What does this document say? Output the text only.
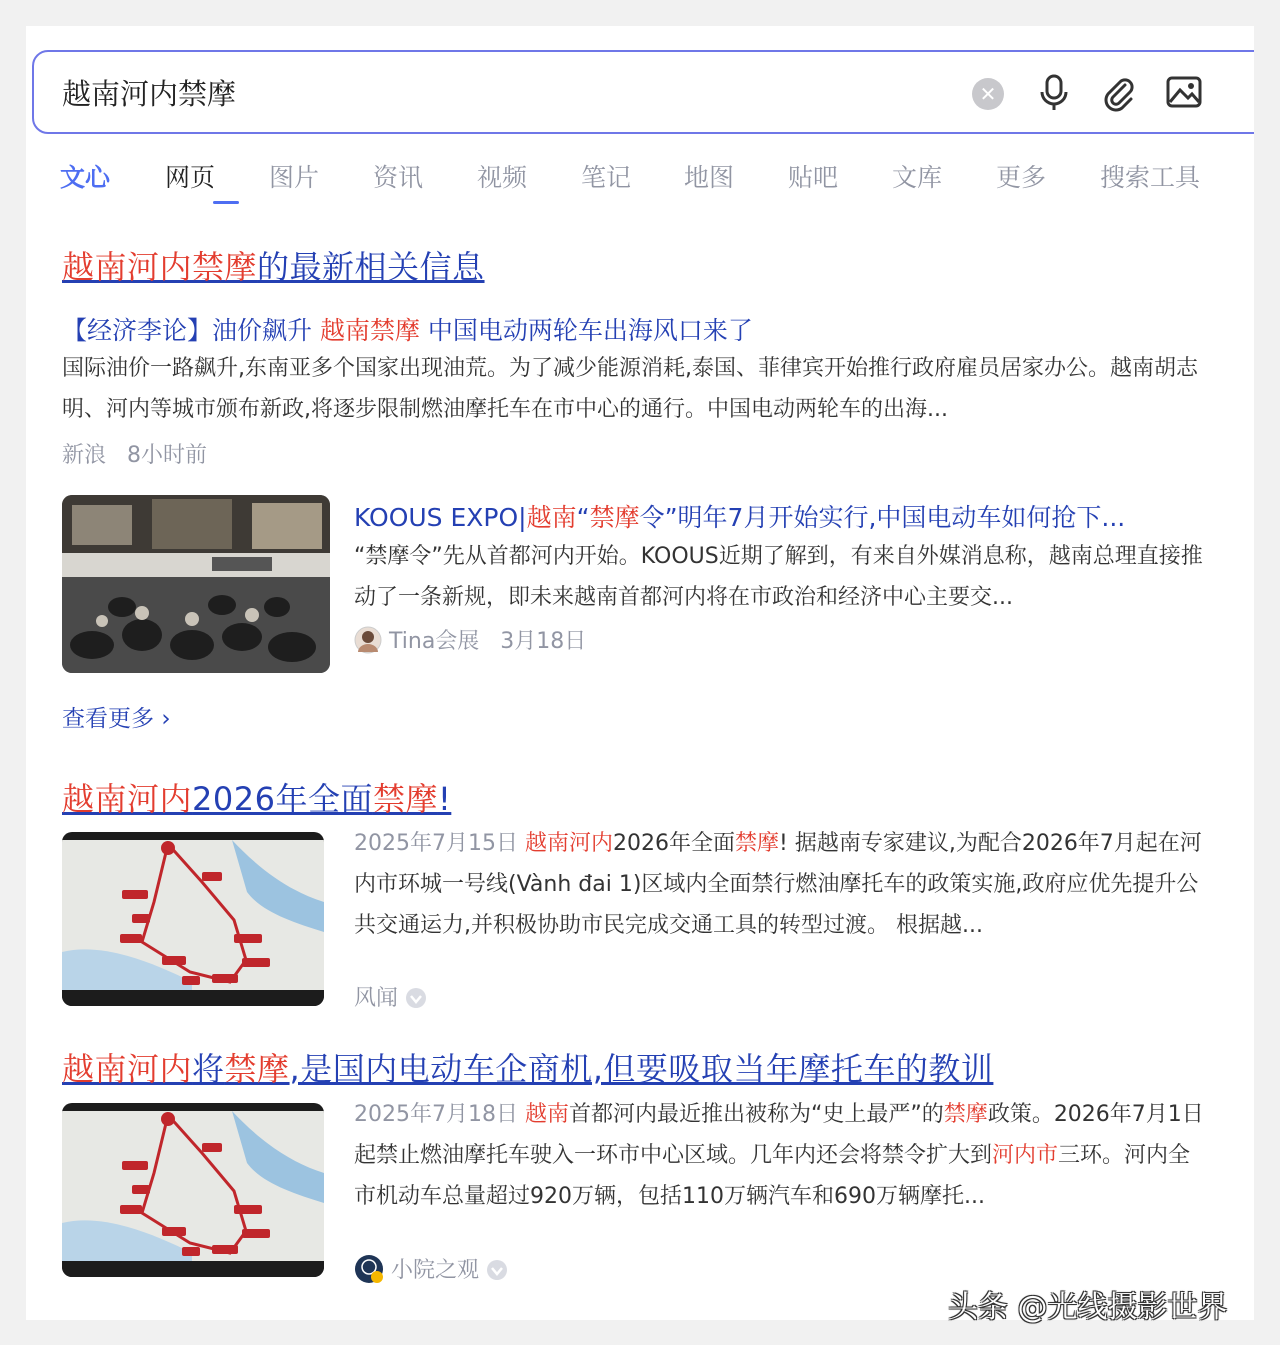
越南河内禁摩
✕
文心 网页 图片 资讯 视频 笔记 地图 贴吧 文库 更多 搜索工具
越南河内禁摩的最新相关信息
【经济李论】油价飙升 越南禁摩 中国电动两轮车出海风口来了
国际油价一路飙升,东南亚多个国家出现油荒。为了减少能源消耗,泰国、菲律宾开始推行政府雇员居家办公。越南胡志明、河内等城市颁布新政,将逐步限制燃油摩托车在市中心的通行。中国电动两轮车的出海...
新浪 8小时前
KOOUS EXPO|越南“禁摩令”明年7月开始实行,中国电动车如何抢下...
“禁摩令”先从首都河内开始。KOOUS近期了解到，有来自外媒消息称，越南总理直接推动了一条新规，即未来越南首都河内将在市政治和经济中心主要交...
Tina会展 3月18日
查看更多 ›
越南河内2026年全面禁摩!
2025年7月15日 越南河内2026年全面禁摩! 据越南专家建议,为配合2026年7月起在河内市环城一号线(Vành đai 1)区域内全面禁行燃油摩托车的政策实施,政府应优先提升公共交通运力,并积极协助市民完成交通工具的转型过渡。 根据越...
风闻
越南河内将禁摩,是国内电动车企商机,但要吸取当年摩托车的教训
2025年7月18日 越南首都河内最近推出被称为“史上最严”的禁摩政策。2026年7月1日起禁止燃油摩托车驶入一环市中心区域。几年内还会将禁令扩大到河内市三环。河内全市机动车总量超过920万辆，包括110万辆汽车和690万辆摩托...
小院之观
头条 @光线摄影世界
